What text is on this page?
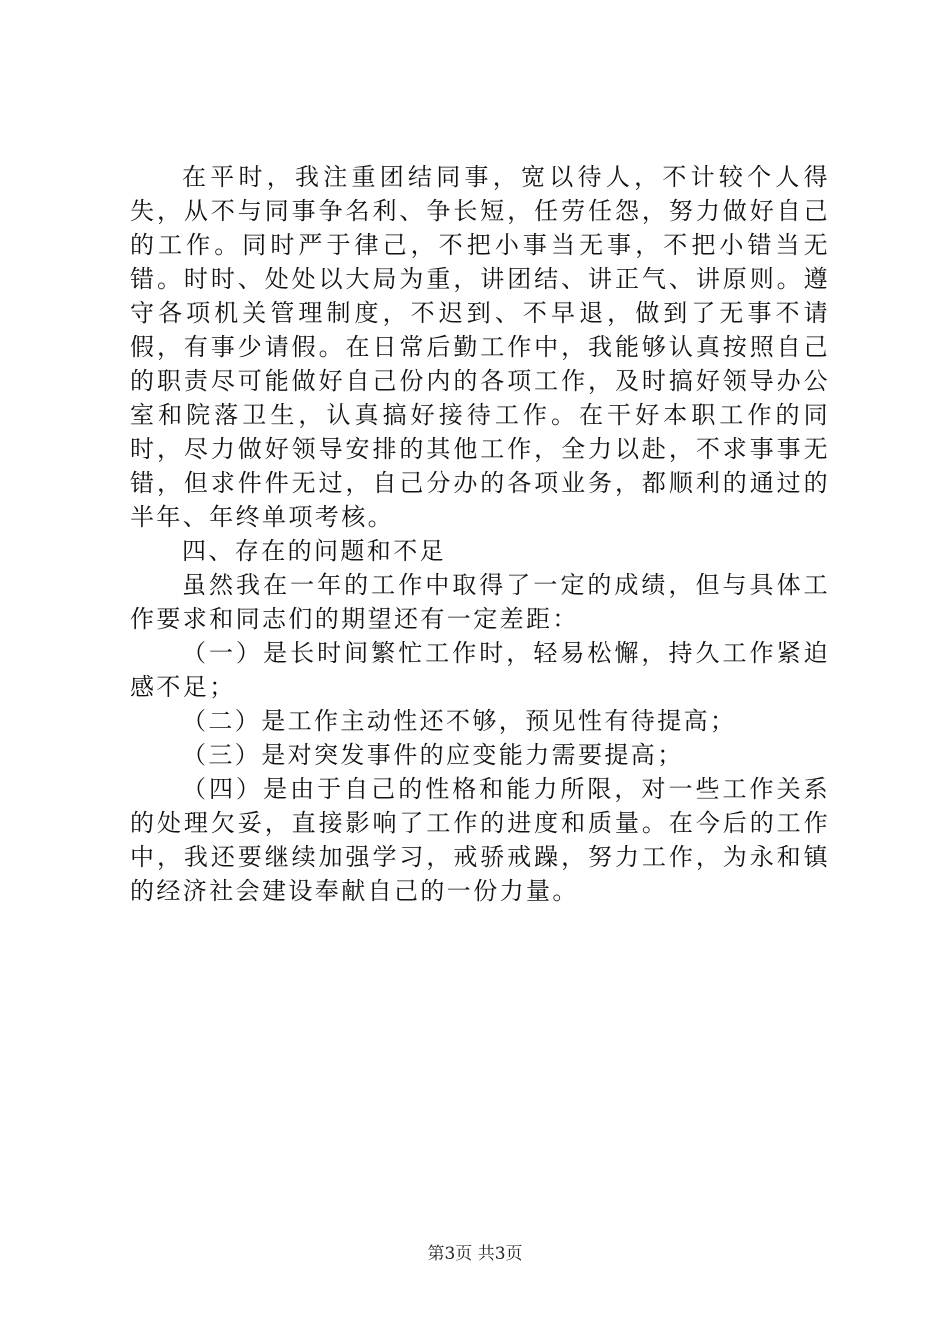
在平时，我注重团结同事，宽以待人，不计较个人得失，从不与同事争名利、争长短，任劳任怨，努力做好自己的工作。同时严于律己，不把小事当无事，不把小错当无错。时时、处处以大局为重，讲团结、讲正气、讲原则。遵守各项机关管理制度，不迟到、不早退，做到了无事不请假，有事少请假。在日常后勤工作中，我能够认真按照自己的职责尽可能做好自己份内的各项工作，及时搞好领导办公室和院落卫生，认真搞好接待工作。在干好本职工作的同时，尽力做好领导安排的其他工作，全力以赴，不求事事无错，但求件件无过，自己分办的各项业务，都顺利的通过的半年、年终单项考核。

四、存在的问题和不足

虽然我在一年的工作中取得了一定的成绩，但与具体工作要求和同志们的期望还有一定差距：

（一）是长时间繁忙工作时，轻易松懈，持久工作紧迫感不足；

（二）是工作主动性还不够，预见性有待提高；

（三）是对突发事件的应变能力需要提高；

（四）是由于自己的性格和能力所限，对一些工作关系的处理欠妥，直接影响了工作的进度和质量。在今后的工作中，我还要继续加强学习，戒骄戒躁，努力工作，为永和镇的经济社会建设奉献自己的一份力量。

第3页 共3页
